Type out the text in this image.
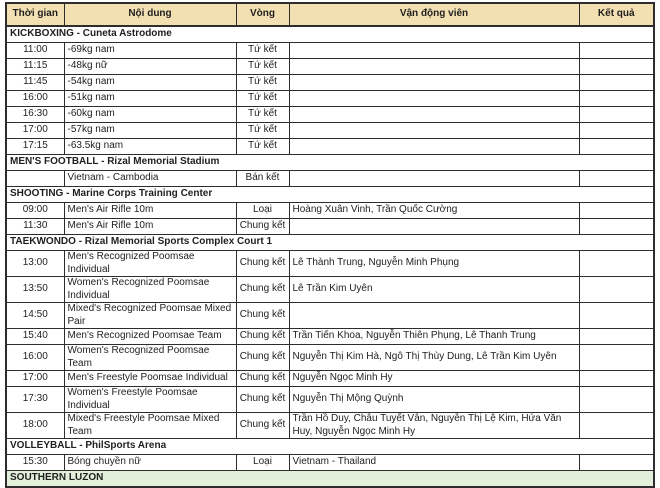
Thời gian	Nội dung	Vòng	Vận động viên	Kết quả
KICKBOXING - Cuneta Astrodome				
11:00	-69kg nam	Tứ kết		
11:15	-48kg nữ	Tứ kết		
11:45	-54kg nam	Tứ kết		
16:00	-51kg nam	Tứ kết		
16:30	-60kg nam	Tứ kết		
17:00	-57kg nam	Tứ kết		
17:15	-63.5kg nam	Tứ kết		
MEN'S FOOTBALL - Rizal Memorial Stadium				
	Vietnam - Cambodia	Bán kết		
SHOOTING - Marine Corps Training Center				
09:00	Men's Air Rifle 10m	Loại	Hoàng Xuân Vinh, Trần Quốc Cường	
11:30	Men's Air Rifle 10m	Chung kết		
TAEKWONDO - Rizal Memorial Sports Complex Court 1				
13:00	Men's Recognized Poomsae Individual	Chung kết	Lê Thành Trung, Nguyễn Minh Phụng	
13:50	Women's Recognized Poomsae Individual	Chung kết	Lê Trần Kim Uyên	
14:50	Mixed's Recognized Poomsae Mixed Pair	Chung kết		
15:40	Men's Recognized Poomsae Team	Chung kết	Trần Tiến Khoa, Nguyễn Thiên Phụng, Lê Thanh Trung	
16:00	Women's Recognized Poomsae Team	Chung kết	Nguyễn Thị Kim Hà, Ngô Thị Thùy Dung, Lê Trần Kim Uyên	
17:00	Men's Freestyle Poomsae Individual	Chung kết	Nguyễn Ngọc Minh Hy	
17:30	Women's Freestyle Poomsae Individual	Chung kết	Nguyễn Thị Mộng Quỳnh	
18:00	Mixed's Freestyle Poomsae Mixed Team	Chung kết	Trần Hồ Duy, Châu Tuyết Vân, Nguyễn Thị Lệ Kim, Hứa Văn Huy, Nguyễn Ngọc Minh Hy	
VOLLEYBALL - PhilSports Arena				
15:30	Bóng chuyền nữ	Loại	Vietnam - Thailand	
SOUTHERN LUZON				
